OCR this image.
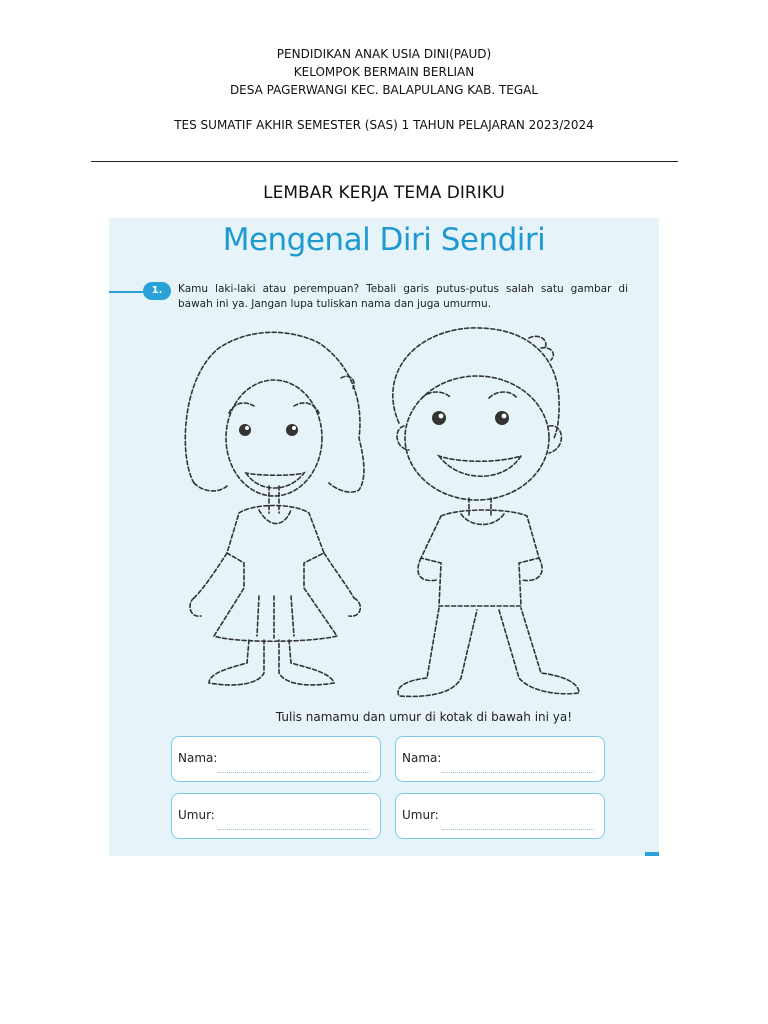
PENDIDIKAN ANAK USIA DINI(PAUD)
KELOMPOK BERMAIN BERLIAN
DESA PAGERWANGI KEC. BALAPULANG KAB. TEGAL
TES SUMATIF AKHIR SEMESTER (SAS) 1 TAHUN PELAJARAN 2023/2024
LEMBAR KERJA TEMA DIRIKU
Mengenal Diri Sendiri
1.	Kamu laki-laki atau perempuan? Tebali garis putus-putus salah satu gambar di bawah ini ya. Jangan lupa tuliskan nama dan juga umurmu.
Tulis namamu dan umur di kotak di bawah ini ya!
Nama:	Nama:
Umur:	Umur:
